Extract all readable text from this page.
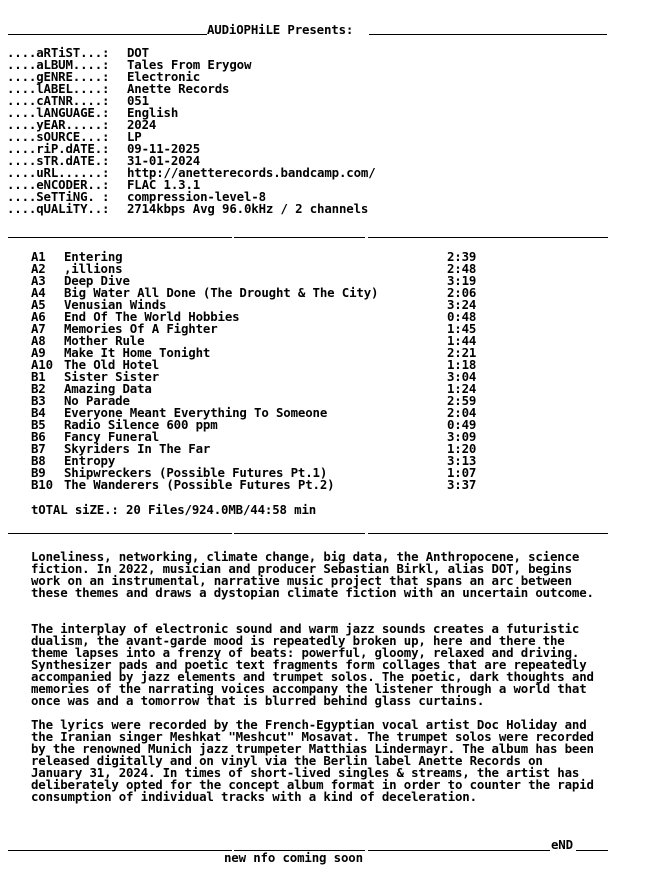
AUDiOPHiLE Presents:
....aRTiST...: DOT
....aLBUM....: Tales From Erygow
....gENRE....: Electronic
....lABEL....: Anette Records
....cATNR....: 051
....lANGUAGE.: English
....yEAR.....: 2024
....sOURCE...: LP
....riP.dATE.: 09-11-2025
....sTR.dATE.: 31-01-2024
....uRL......: http://anetterecords.bandcamp.com/
....eNCODER..: FLAC 1.3.1
....SeTTiNG. : compression-level-8
....qUALiTY..: 2714kbps Avg 96.0kHz / 2 channels
A1 Entering	2:39
A2 ,illions	2:48
A3 Deep Dive	3:19
A4 Big Water All Done (The Drought & The City)	2:06
A5 Venusian Winds	3:24
A6 End Of The World Hobbies	0:48
A7 Memories Of A Fighter	1:45
A8 Mother Rule	1:44
A9 Make It Home Tonight	2:21
A10 The Old Hotel	1:18
B1 Sister Sister	3:04
B2 Amazing Data	1:24
B3 No Parade	2:59
B4 Everyone Meant Everything To Someone	2:04
B5 Radio Silence 600 ppm	0:49
B6 Fancy Funeral	3:09
B7 Skyriders In The Far	1:20
B8 Entropy	3:13
B9 Shipwreckers (Possible Futures Pt.1)	1:07
B10 The Wanderers (Possible Futures Pt.2)	3:37
tOTAL siZE.: 20 Files/924.0MB/44:58 min
Loneliness, networking, climate change, big data, the Anthropocene, science
fiction. In 2022, musician and producer Sebastian Birkl, alias DOT, begins
work on an instrumental, narrative music project that spans an arc between
these themes and draws a dystopian climate fiction with an uncertain outcome.
The interplay of electronic sound and warm jazz sounds creates a futuristic
dualism, the avant-garde mood is repeatedly broken up, here and there the
theme lapses into a frenzy of beats: powerful, gloomy, relaxed and driving.
Synthesizer pads and poetic text fragments form collages that are repeatedly
accompanied by jazz elements and trumpet solos. The poetic, dark thoughts and
memories of the narrating voices accompany the listener through a world that
once was and a tomorrow that is blurred behind glass curtains.
The lyrics were recorded by the French-Egyptian vocal artist Doc Holiday and
the Iranian singer Meshkat "Meshcut" Mosavat. The trumpet solos were recorded
by the renowned Munich jazz trumpeter Matthias Lindermayr. The album has been
released digitally and on vinyl via the Berlin label Anette Records on
January 31, 2024. In times of short-lived singles & streams, the artist has
deliberately opted for the concept album format in order to counter the rapid
consumption of individual tracks with a kind of deceleration.
eND
new nfo coming soon
